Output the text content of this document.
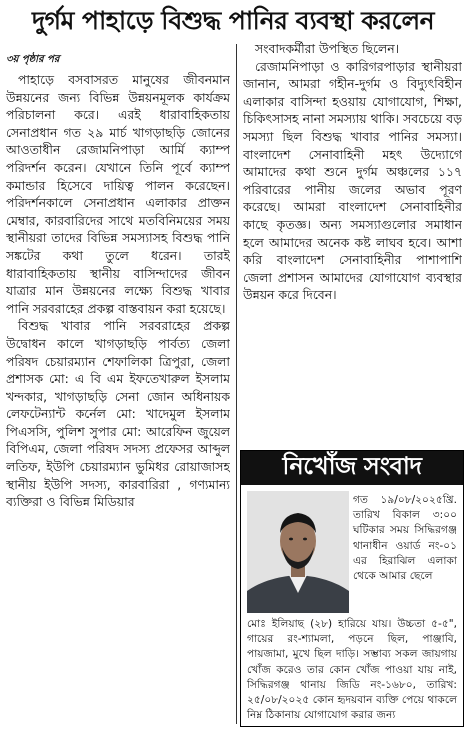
দুর্গম পাহাড়ে বিশুদ্ধ পানির ব্যবস্থা করলেন
৩য় পৃষ্ঠার পর

পাহাড়ে বসবাসরত মানুষের জীবনমান উন্নয়নের জন্য বিভিন্ন উন্নয়নমূলক কার্যক্রম পরিচালনা করে। এরই ধারাবাহিকতায় সেনাপ্রধান গত ২৯ মার্চ খাগড়াছড়ি জোনের আওতাধীন রেজামনিপাড়া আর্মি ক্যাম্প পরিদর্শন করেন। যেখানে তিনি পূর্বে ক্যাম্প কমান্ডার হিসেবে দায়িত্ব পালন করেছেন। পরিদর্শনকালে সেনাপ্রধান এলাকার প্রাক্তন মেম্বার, কারবারিদের সাথে মতবিনিময়ের সময় স্থানীয়রা তাদের বিভিন্ন সমস্যাসহ বিশুদ্ধ পানি সঙ্কটের কথা তুলে ধরেন। তারই ধারাবাহিকতায় স্থানীয় বাসিন্দাদের জীবন যাত্রার মান উন্নয়নের লক্ষ্যে বিশুদ্ধ খাবার পানি সরবরাহের প্রকল্প বাস্তবায়ন করা হয়েছে।

বিশুদ্ধ খাবার পানি সরবরাহের প্রকল্প উদ্বোধন কালে খাগড়াছড়ি পার্বত্য জেলা পরিষদ চেয়ারম্যান শেফালিকা ত্রিপুরা, জেলা প্রশাসক মো: এ বি এম ইফতেখারুল ইসলাম খন্দকার, খাগড়াছড়ি সেনা জোন অধিনায়ক লেফটেন্যান্ট কর্নেল মো: খাদেমুল ইসলাম পিএসসি, পুলিশ সুপার মো: আরেফিন জুয়েল বিপিএম, জেলা পরিষদ সদস্য প্রফেসর আব্দুল লতিফ, ইউপি চেয়ারম্যান ভুমিধর রোয়াজাসহ স্থানীয় ইউপি সদস্য, কারবারিরা , গণ্যমান্য ব্যক্তিরা ও বিভিন্ন মিডিয়ার

সংবাদকর্মীরা উপস্থিত ছিলেন।

রেজামনিপাড়া ও কারিগরপাড়ার স্থানীয়রা জানান, আমরা গহীন-দুর্গম ও বিদ্যুৎবিহীন এলাকার বাসিন্দা হওয়ায় যোগাযোগ, শিক্ষা, চিকিৎসাসহ নানা সমস্যায় থাকি। সবচেয়ে বড় সমস্যা ছিল বিশুদ্ধ খাবার পানির সমস্যা। বাংলাদেশ সেনাবাহিনী মহৎ উদ্যোগে আমাদের কথা শুনে দুর্গম অঞ্চলের ১১৭ পরিবারের পানীয় জলের অভাব পূরণ করেছে। আমরা বাংলাদেশ সেনাবাহিনীর কাছে কৃতজ্ঞ। অন্য সমস্যাগুলোর সমাধান হলে আমাদের অনেক কষ্ট লাঘব হবে। আশা করি বাংলাদেশ সেনাবাহিনীর পাশাপাশি জেলা প্রশাসন আমাদের যোগাযোগ ব্যবস্থার উন্নয়ন করে দিবেন।

নিখোঁজ সংবাদ
গত ১৯/০৮/২০২৫খ্রি. তারিখ বিকাল ৩:০০ ঘটিকার সময় সিদ্ধিরগঞ্জ থানাধীন ওয়ার্ড নং-০১ এর হিরাঝিল এলাকা থেকে আমার ছেলে
মোঃ ইলিয়াছ (২৮) হারিয়ে যায়। উচ্চতা ৫-৫", গায়ের রং-শ্যামলা, পড়নে ছিল, পাঞ্জাবি, পায়জামা, মুখে ছিল দাড়ি। সম্ভাব্য সকল জায়গায় খোঁজ করেও তার কোন খোঁজ পাওয়া যায় নাই, সিদ্ধিরগঞ্জ থানায় জিডি নং-১৬৮০, তারিখ: ২৫/০৮/২০২৫ কোন হৃদয়বান ব্যক্তি পেয়ে থাকলে নিম্ন ঠিকানায় যোগাযোগ করার জন্য
